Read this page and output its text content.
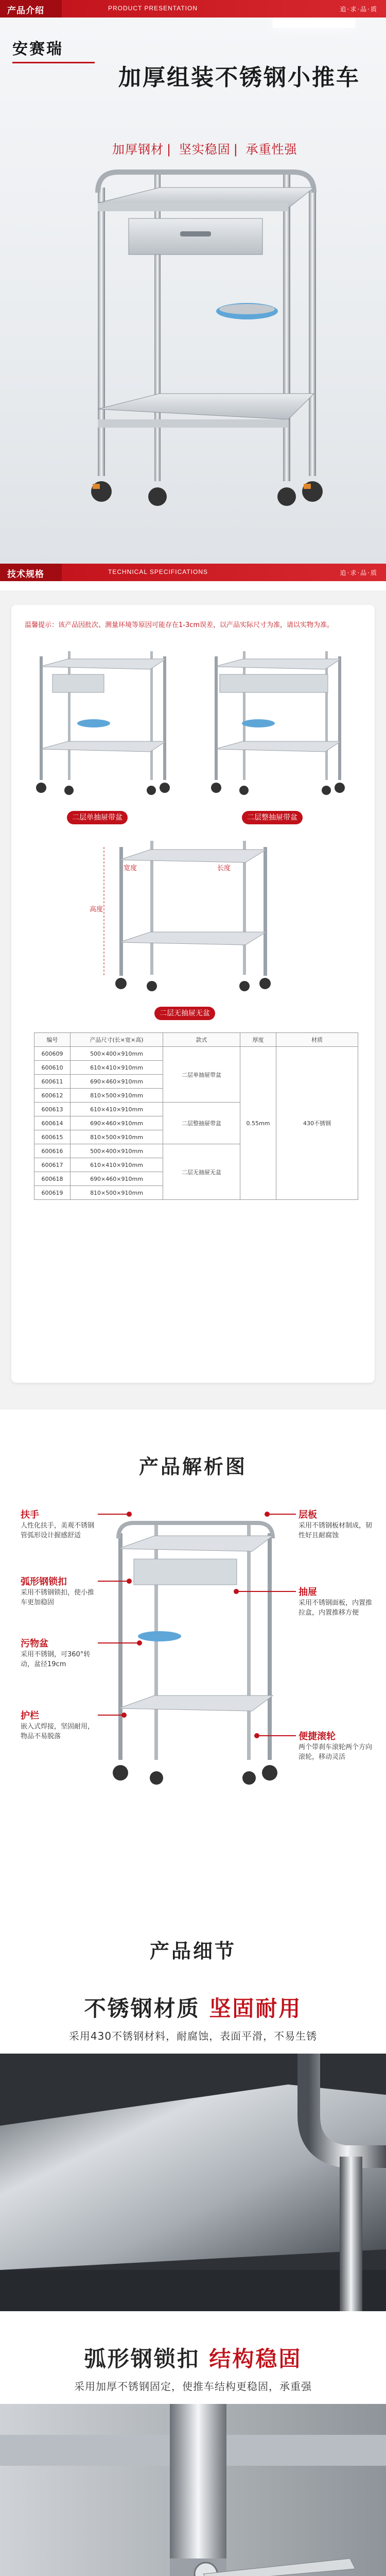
产品介绍	PRODUCT PRESENTATION	追·求·品·质
安赛瑞
加厚组装不锈钢小推车
加厚钢材 | 坚实稳固 | 承重性强
技术规格	TECHNICAL SPECIFICATIONS	追·求·品·质
温馨提示：该产品因批次、测量环境等原因可能存在1-3cm误差，以产品实际尺寸为准，请以实物为准。
二层单抽屉带盆	二层整抽屉带盆
高度
宽度	长度
二层无抽屉无盆
编号	产品尺寸(长×宽×高)	款式	厚度	材质
600609	500×400×910mm	二层单抽屉带盆	0.55mm	430不锈钢
600610	610×410×910mm			
600611	690×460×910mm			
600612	810×500×910mm			
600613	610×410×910mm	二层整抽屉带盆		
600614	690×460×910mm			
600615	810×500×910mm			
600616	500×400×910mm	二层无抽屉无盆		
600617	610×410×910mm			
600618	690×460×910mm			
600619	810×500×910mm			
产品解析图
扶手
人性化扶手，美观不锈钢管弧形设计握感舒适
弧形钢锁扣
采用不锈钢锁扣，使小推车更加稳固
污物盆
采用不锈钢，可360°转动，盆径19cm
护栏
嵌入式焊接，坚固耐用，物品不易脱落
层板
采用不锈钢板材制成，韧性好且耐腐蚀
抽屉
采用不锈钢面板，内置推拉盒，内置推移方便
便捷滚轮
两个带刹车滚轮两个方向滚轮，移动灵活
产品细节
不锈钢材质 坚固耐用
采用430不锈钢材料，耐腐蚀，表面平滑，不易生锈
弧形钢锁扣 结构稳固
采用加厚不锈钢固定，使推车结构更稳固，承重强
